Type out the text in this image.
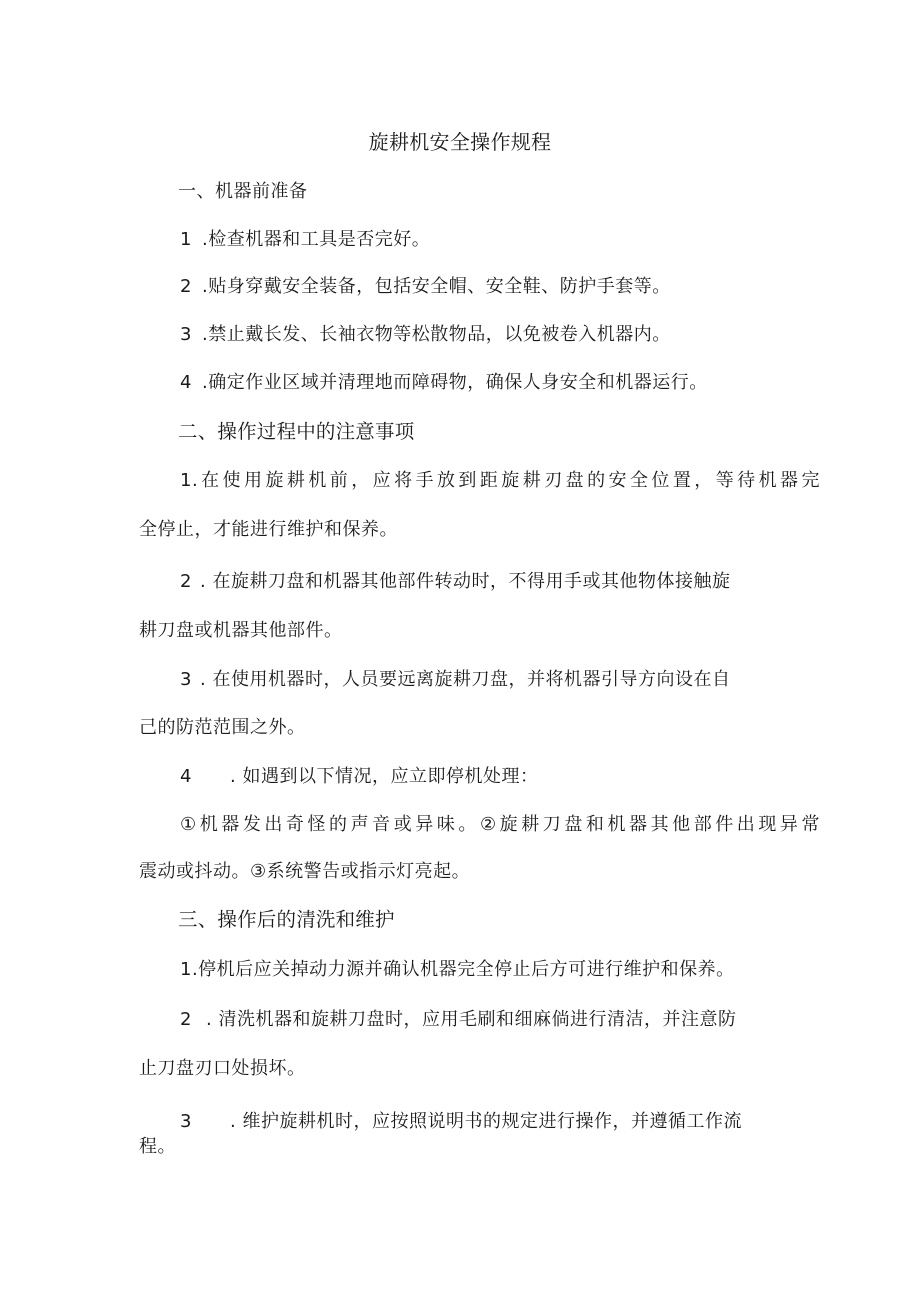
旋耕机安全操作规程
一、机器前准备
1 .检查机器和工具是否完好。
2 .贴身穿戴安全装备，包括安全帽、安全鞋、防护手套等。
3 .禁止戴长发、长袖衣物等松散物品，以免被卷入机器内。
4 .确定作业区域并清理地而障碍物，确保人身安全和机器运行。
二、操作过程中的注意事项
1.在使用旋耕机前，应将手放到距旋耕刃盘的安全位置，等待机器完
全停止，才能进行维护和保养。
2 . 在旋耕刀盘和机器其他部件转动时，不得用手或其他物体接触旋
耕刀盘或机器其他部件。
3 . 在使用机器时，人员要远离旋耕刀盘，并将机器引导方向设在自
己的防范范围之外。
4 . 如遇到以下情况，应立即停机处理：
①机器发出奇怪的声音或异味。②旋耕刀盘和机器其他部件出现异常
震动或抖动。③系统警告或指示灯亮起。
三、操作后的清洗和维护
1.停机后应关掉动力源并确认机器完全停止后方可进行维护和保养。
2 . 清洗机器和旋耕刀盘时，应用毛刷和细麻倘进行清洁，并注意防
止刀盘刃口处损坏。
3 . 维护旋耕机时，应按照说明书的规定进行操作，并遵循工作流
程。
